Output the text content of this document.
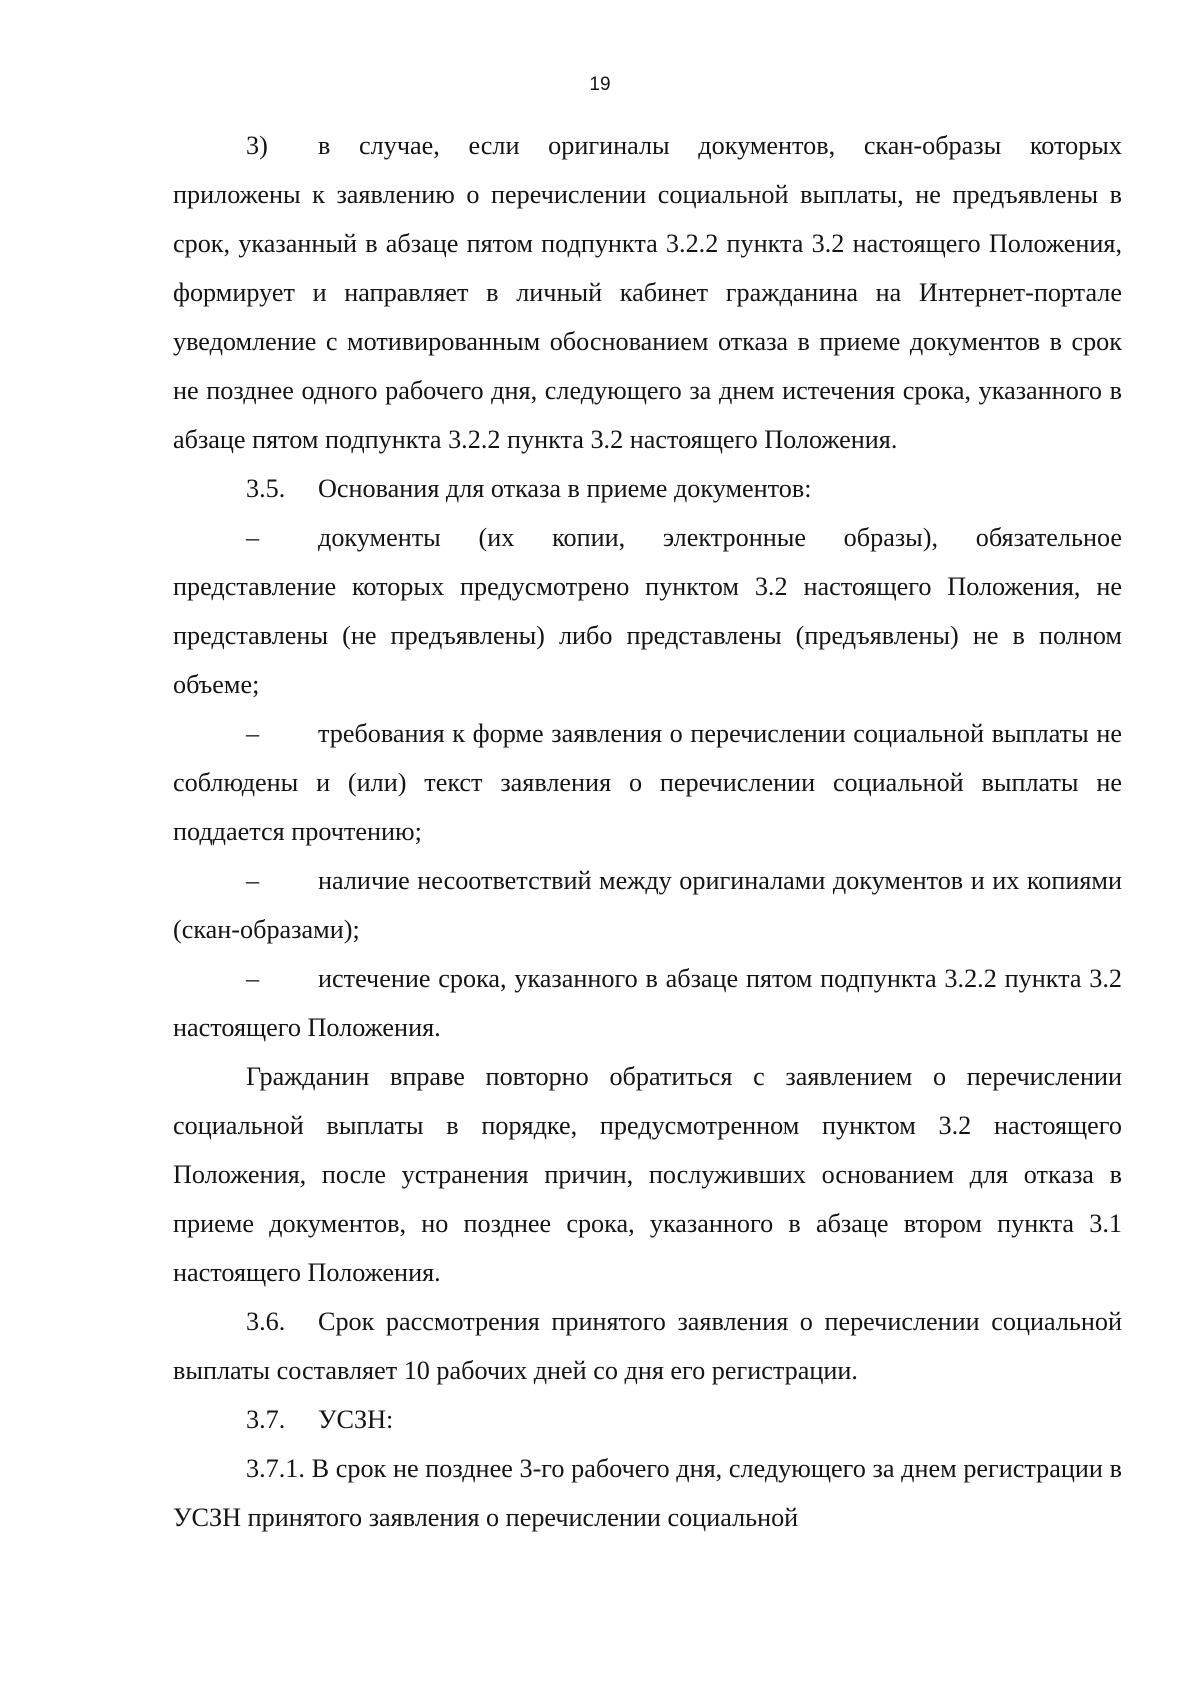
19

3) в случае, если оригиналы документов, скан-образы которых приложены к заявлению о перечислении социальной выплаты, не предъявлены в срок, указанный в абзаце пятом подпункта 3.2.2 пункта 3.2 настоящего Положения, формирует и направляет в личный кабинет гражданина на Интернет-портале уведомление с мотивированным обоснованием отказа в приеме документов в срок не позднее одного рабочего дня, следующего за днем истечения срока, указанного в абзаце пятом подпункта 3.2.2 пункта 3.2 настоящего Положения.

3.5. Основания для отказа в приеме документов:

– документы (их копии, электронные образы), обязательное представление которых предусмотрено пунктом 3.2 настоящего Положения, не представлены (не предъявлены) либо представлены (предъявлены) не в полном объеме;

– требования к форме заявления о перечислении социальной выплаты не соблюдены и (или) текст заявления о перечислении социальной выплаты не поддается прочтению;

– наличие несоответствий между оригиналами документов и их копиями (скан-образами);

– истечение срока, указанного в абзаце пятом подпункта 3.2.2 пункта 3.2 настоящего Положения.

Гражданин вправе повторно обратиться с заявлением о перечислении социальной выплаты в порядке, предусмотренном пунктом 3.2 настоящего Положения, после устранения причин, послуживших основанием для отказа в приеме документов, но позднее срока, указанного в абзаце втором пункта 3.1 настоящего Положения.

3.6. Срок рассмотрения принятого заявления о перечислении социальной выплаты составляет 10 рабочих дней со дня его регистрации.

3.7. УСЗН:

3.7.1. В срок не позднее 3-го рабочего дня, следующего за днем регистрации в УСЗН принятого заявления о перечислении социальной
